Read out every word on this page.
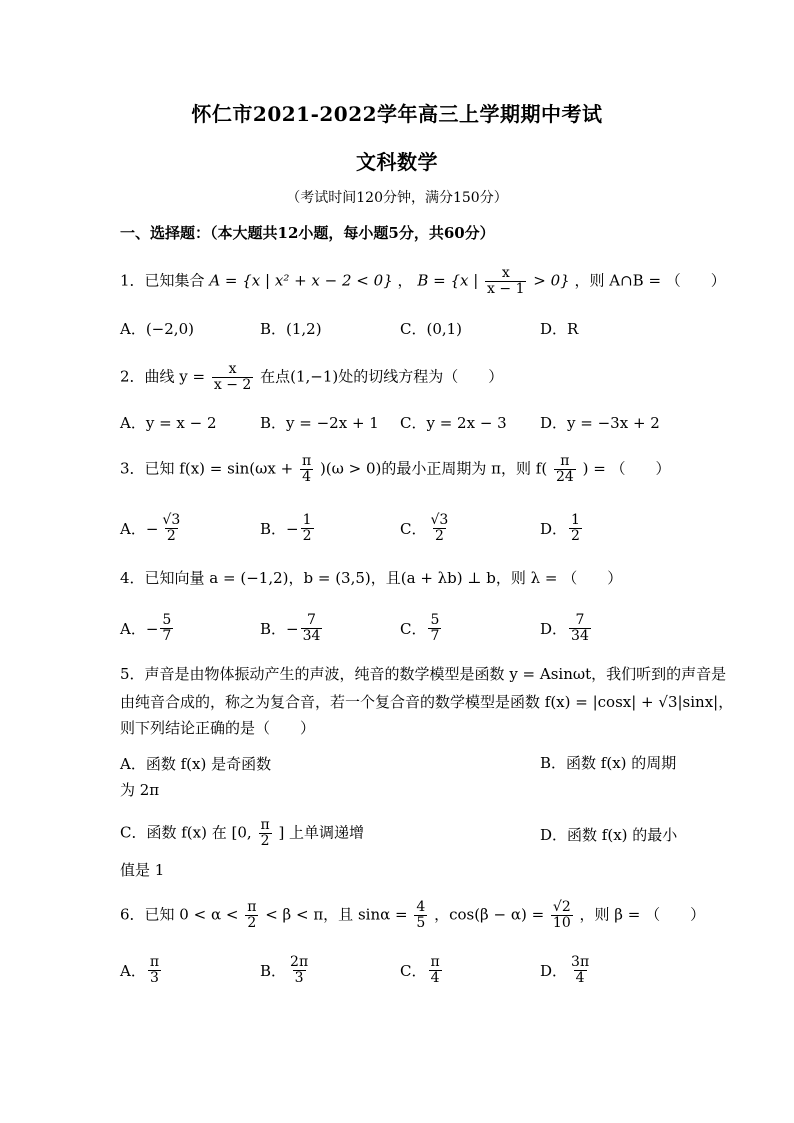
怀仁市2021-2022学年高三上学期期中考试
文科数学
（考试时间120分钟，满分150分）
一、选择题：（本大题共12小题，每小题5分，共60分）
1．已知集合 A = {x | x² + x − 2 < 0} ， B = {x | $\frac{x}{x - 1} > 0$} ，则 A∩B = （　　）
A．(−2,0)	B．(1,2)	C．(0,1)	D．R
2．曲线 $y = \frac{x}{x - 2}$ 在点(1,−1)处的切线方程为（　　）
A．y = x − 2	B．y = −2x + 1 C．y = 2x − 3 D．y = −3x + 2
3．已知 $f(x) = \sin(\omega x + \frac{\pi}{4} )(\omega > 0)$的最小正周期为 π，则 $f( \frac{\pi}{24}$ ) = （　　）
A．− $\frac{√3}{2}$	B．− $\frac{1}{2}$	C． $\frac{√3}{2}$	D． $\frac{1}{2}$
4．已知向量 a = (−1,2)，b = (3,5)，且(a + λb) ⊥ b，则 λ = （　　）
A．− $\frac{5}{7}$	B．− $\frac{7}{34}$	C． $\frac{5}{7}$	D． $\frac{7}{34}$
5．声音是由物体振动产生的声波，纯音的数学模型是函数 y = Asinωt，我们听到的声音是
由纯音合成的，称之为复合音，若一个复合音的数学模型是函数 f(x) = |cosx| + √3|sinx|，
则下列结论正确的是（　　）
A．函数 f(x) 是奇函数	B．函数 f(x) 的周期
为 2π
C．函数 f(x) 在 [0, $\frac{\pi}{2}$ ] 上单调递增	D．函数 f(x) 的最小
值是 1
6．已知 $0 < \alpha < \frac{\pi}{2} < \beta < \pi$，且 $\sin\alpha = \frac{4}{5}$ ，$\cos(\beta - \alpha) = \frac{√2}{10}$ ，则 β = （　　）
A． $\frac{\pi}{3}$	B． $\frac{2\pi}{3}$	C． $\frac{\pi}{4}$	D． $\frac{3\pi}{4}$
